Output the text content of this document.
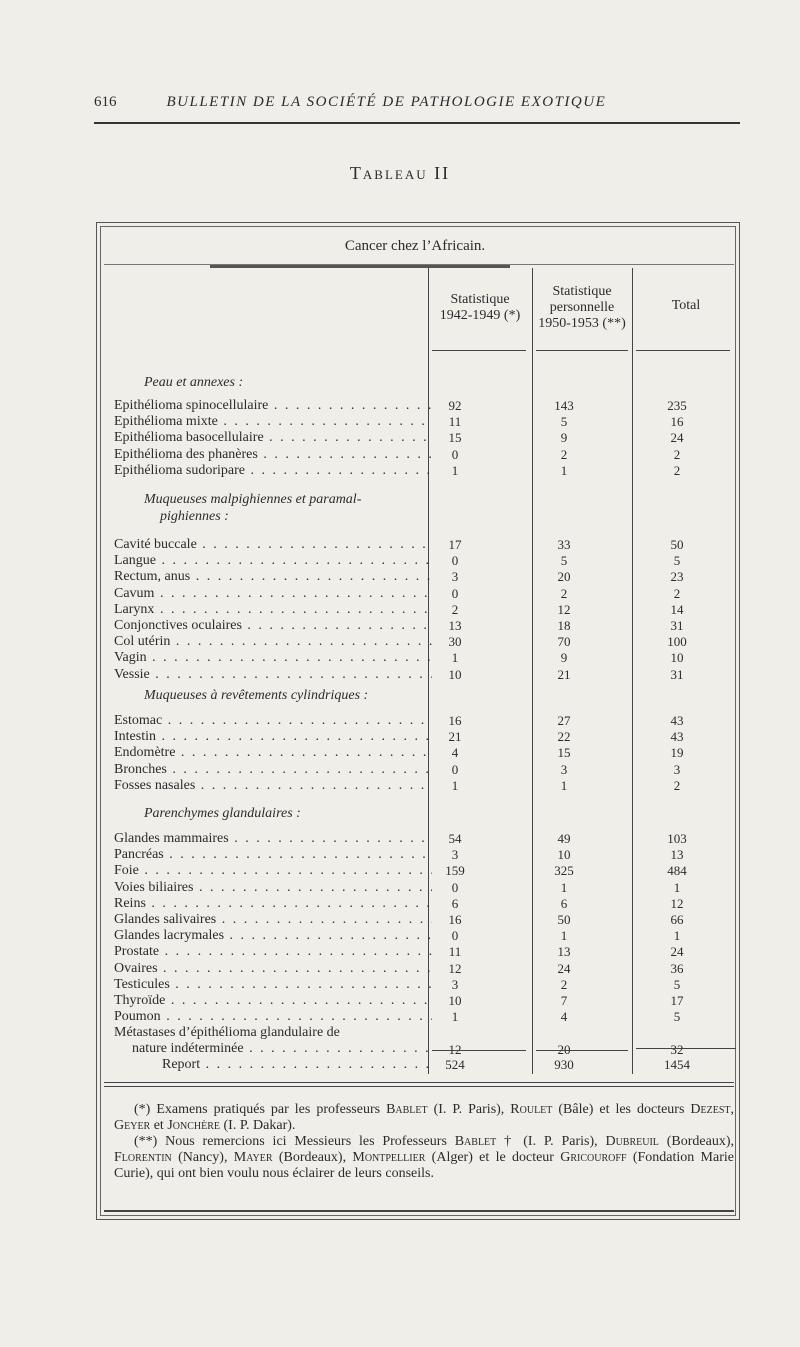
616	BULLETIN DE LA SOCIÉTÉ DE PATHOLOGIE EXOTIQUE
Tableau II
Cancer chez l’Africain.
Statistique
1942-1949 (*)
Statistique
personnelle
1950-1953 (**)
Total
Peau et annexes :
Epithélioma spinocellulaire . . .	92	143	235
Epithélioma mixte . . .	11	5	16
Epithélioma basocellulaire . . .	15	9	24
Epithélioma des phanères . . .	0	2	2
Epithélioma sudoripare . . .	1	1	2
Muqueuses malpighiennes et paramal-
pighiennes :
Cavité buccale . . .	17	33	50
Langue . . .	0	5	5
Rectum, anus . . .	3	20	23
Cavum . . .	0	2	2
Larynx . . .	2	12	14
Conjonctives oculaires . . .	13	18	31
Col utérin . . .	30	70	100
Vagin . . .	1	9	10
Vessie . . .	10	21	31
Muqueuses à revêtements cylindriques :
Estomac . . .	16	27	43
Intestin . . .	21	22	43
Endomètre . . .	4	15	19
Bronches . . .	0	3	3
Fosses nasales . . .	1	1	2
Parenchymes glandulaires :
Glandes mammaires . . .	54	49	103
Pancréas . . .	3	10	13
Foie . . .	159	325	484
Voies biliaires . . .	0	1	1
Reins . . .	6	6	12
Glandes salivaires . . .	16	50	66
Glandes lacrymales . . .	0	1	1
Prostate . . .	11	13	24
Ovaires . . .	12	24	36
Testicules . . .	3	2	5
Thyroïde . . .	10	7	17
Poumon . . .	1	4	5
Métastases d’épithélioma glandulaire de
nature indéterminée . . .	12	20	32
Report . . .	524	930	1454

(*) Examens pratiqués par les professeurs Bablet (I. P. Paris), Roulet (Bâle) et les docteurs Dezest, Geyer et Jonchère (I. P. Dakar).

(**) Nous remercions ici Messieurs les Professeurs Bablet † (I. P. Paris), Dubreuil (Bordeaux), Florentin (Nancy), Mayer (Bordeaux), Montpellier (Alger) et le docteur Gricouroff (Fondation Marie Curie), qui ont bien voulu nous éclairer de leurs conseils.
